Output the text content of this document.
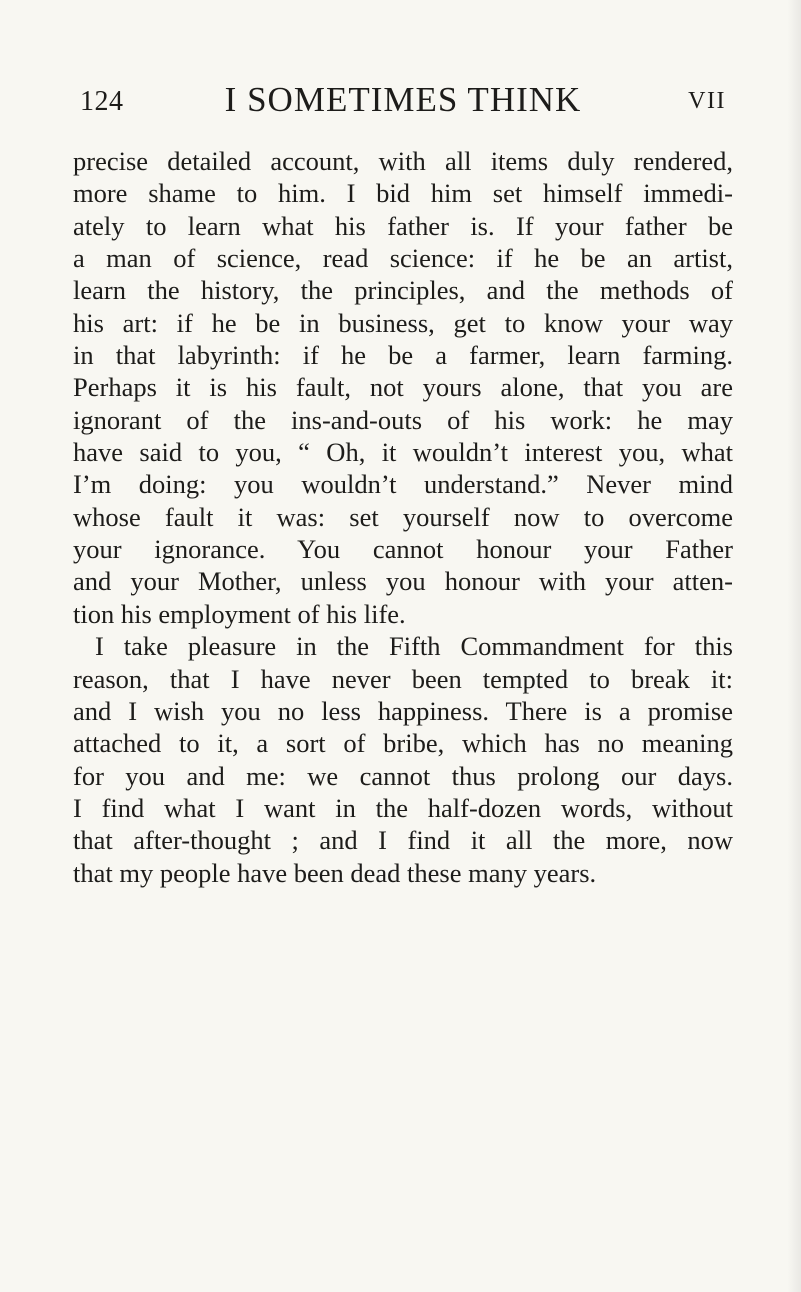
124	I SOMETIMES THINK	VII
precise detailed account, with all items duly rendered,
more shame to him. I bid him set himself immedi-
ately to learn what his father is. If your father be
a man of science, read science: if he be an artist,
learn the history, the principles, and the methods of
his art: if he be in business, get to know your way
in that labyrinth: if he be a farmer, learn farming.
Perhaps it is his fault, not yours alone, that you are
ignorant of the ins-and-outs of his work: he may
have said to you, “ Oh, it wouldn’t interest you, what
I’m doing: you wouldn’t understand.” Never mind
whose fault it was: set yourself now to overcome
your ignorance. You cannot honour your Father
and your Mother, unless you honour with your atten-
tion his employment of his life.
I take pleasure in the Fifth Commandment for this
reason, that I have never been tempted to break it:
and I wish you no less happiness. There is a promise
attached to it, a sort of bribe, which has no meaning
for you and me: we cannot thus prolong our days.
I find what I want in the half-dozen words, without
that after-thought ; and I find it all the more, now
that my people have been dead these many years.
